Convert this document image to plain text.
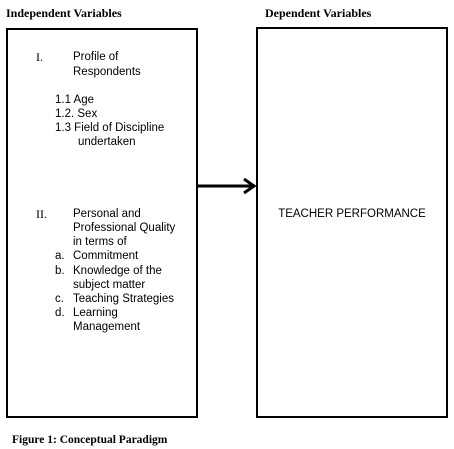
Independent Variables	Dependent Variables
I.	Profile of
Respondents
1.1 Age
1.2. Sex
1.3 Field of Discipline
undertaken
II. Personal and
Professional Quality
in terms of
a. Commitment
b. Knowledge of the
subject matter
c. Teaching Strategies
d. Learning
Management
TEACHER PERFORMANCE
Figure 1: Conceptual Paradigm
